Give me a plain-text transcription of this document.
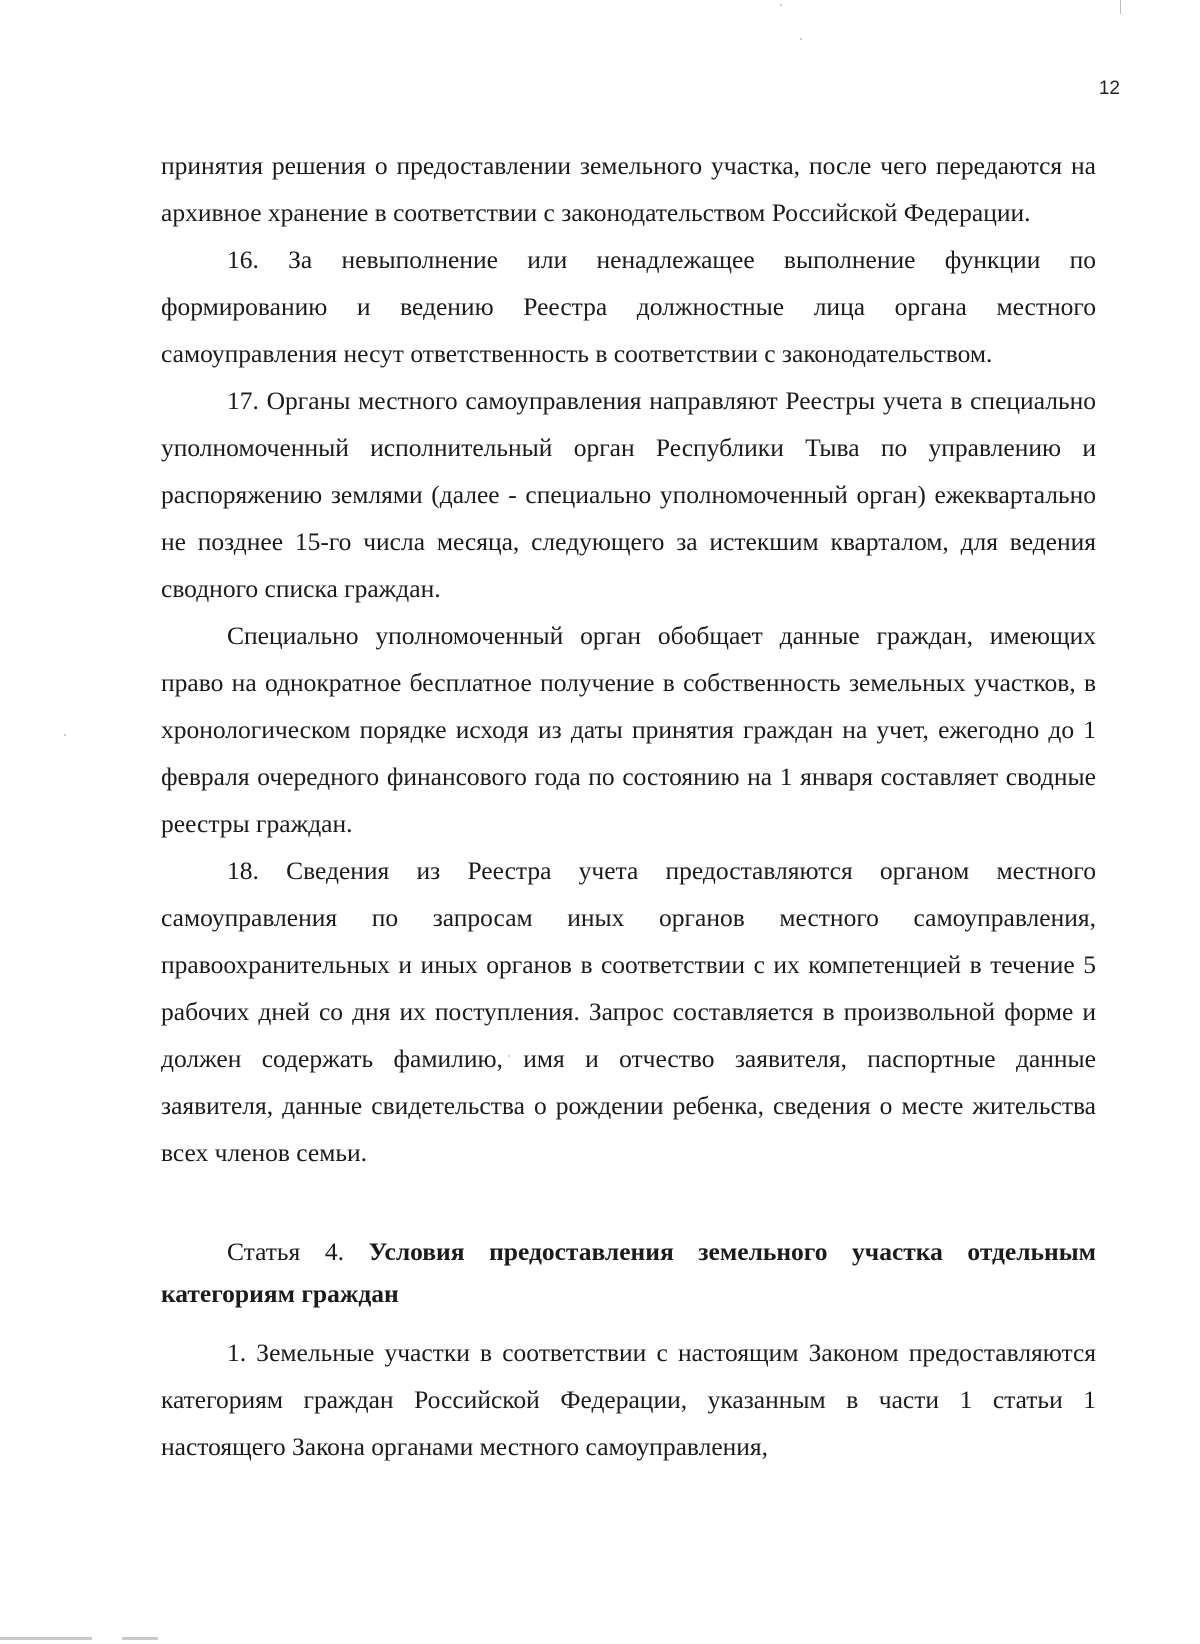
12

принятия решения о предоставлении земельного участка, после чего передаются на архивное хранение в соответствии с законодательством Российской Федерации.

16. За невыполнение или ненадлежащее выполнение функции по формированию и ведению Реестра должностные лица органа местного самоуправления несут ответственность в соответствии с законодательством.

17. Органы местного самоуправления направляют Реестры учета в специально уполномоченный исполнительный орган Республики Тыва по управлению и распоряжению землями (далее - специально уполномоченный орган) ежеквартально не позднее 15-го числа месяца, следующего за истекшим кварталом, для ведения сводного списка граждан.

Специально уполномоченный орган обобщает данные граждан, имеющих право на однократное бесплатное получение в собственность земельных участков, в хронологическом порядке исходя из даты принятия граждан на учет, ежегодно до 1 февраля очередного финансового года по состоянию на 1 января составляет сводные реестры граждан.

18. Сведения из Реестра учета предоставляются органом местного самоуправления по запросам иных органов местного самоуправления, правоохранительных и иных органов в соответствии с их компетенцией в течение 5 рабочих дней со дня их поступления. Запрос составляется в произвольной форме и должен содержать фамилию, имя и отчество заявителя, паспортные данные заявителя, данные свидетельства о рождении ребенка, сведения о месте жительства всех членов семьи.

Статья 4. Условия предоставления земельного участка отдельным категориям граждан

1. Земельные участки в соответствии с настоящим Законом предоставляются категориям граждан Российской Федерации, указанным в части 1 статьи 1 настоящего Закона органами местного самоуправления,
